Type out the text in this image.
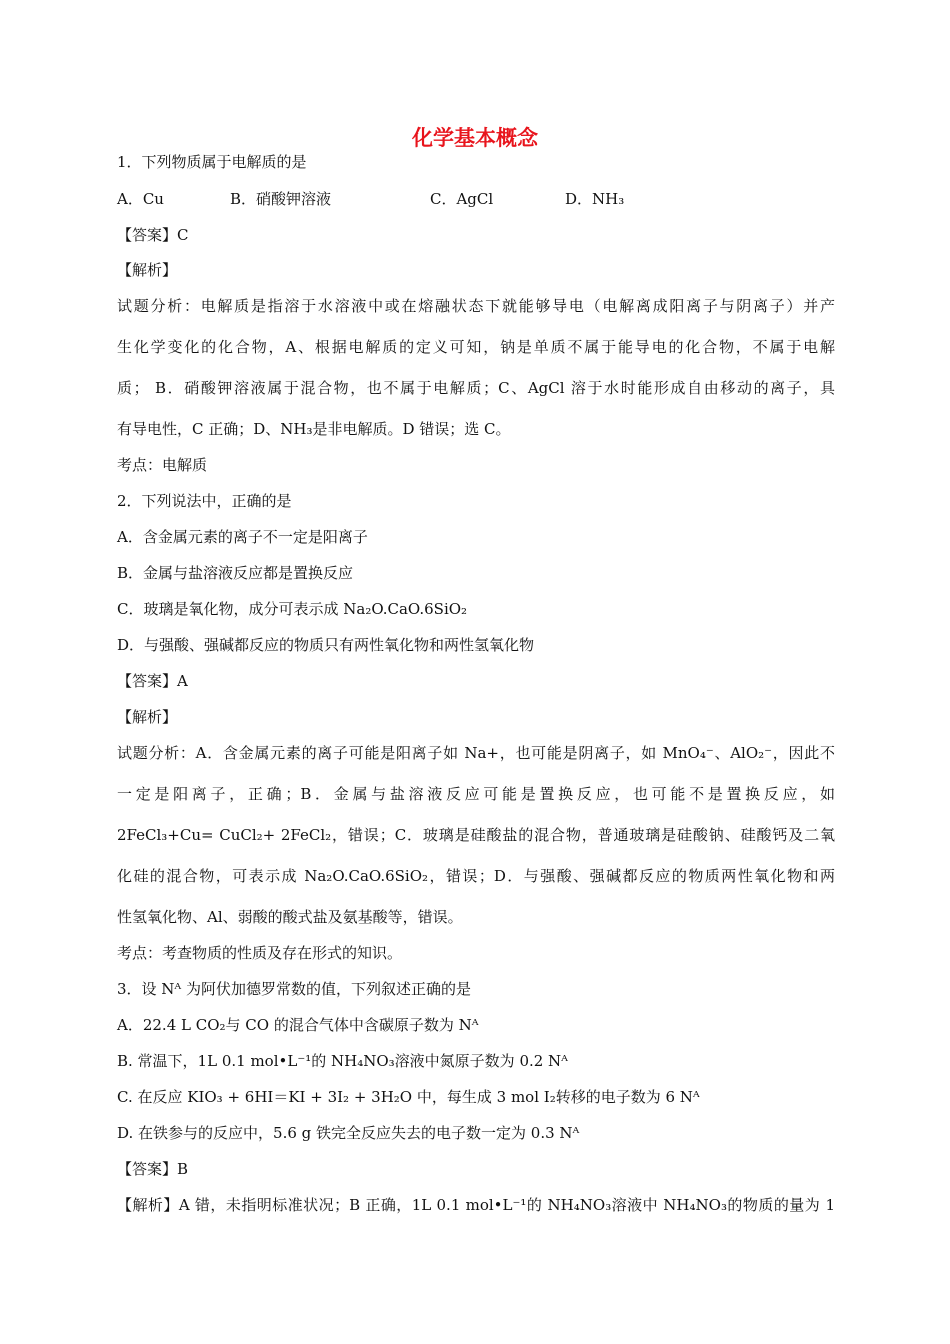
化学基本概念
1．下列物质属于电解质的是
A．Cu	B．硝酸钾溶液	C．AgCl	D．NH₃
【答案】C
【解析】
试题分析：电解质是指溶于水溶液中或在熔融状态下就能够导电（电解离成阳离子与阴离子）并产
生化学变化的化合物，A、根据电解质的定义可知，钠是单质不属于能导电的化合物，不属于电解
质； B．硝酸钾溶液属于混合物，也不属于电解质；C、AgCl 溶于水时能形成自由移动的离子，具
有导电性，C 正确；D、NH₃是非电解质。D 错误；选 C。
考点：电解质
2．下列说法中，正确的是
A．含金属元素的离子不一定是阳离子
B．金属与盐溶液反应都是置换反应
C．玻璃是氧化物，成分可表示成 Na₂O.CaO.6SiO₂
D．与强酸、强碱都反应的物质只有两性氧化物和两性氢氧化物
【答案】A
【解析】
试题分析：A．含金属元素的离子可能是阳离子如 Na+，也可能是阴离子，如 MnO₄⁻、AlO₂⁻，因此不
一定是阳离子，正确；B．金属与盐溶液反应可能是置换反应，也可能不是置换反应，如
2FeCl₃+Cu= CuCl₂+ 2FeCl₂，错误；C．玻璃是硅酸盐的混合物，普通玻璃是硅酸钠、硅酸钙及二氧
化硅的混合物，可表示成 Na₂O.CaO.6SiO₂，错误；D．与强酸、强碱都反应的物质两性氧化物和两
性氢氧化物、Al、弱酸的酸式盐及氨基酸等，错误。
考点：考查物质的性质及存在形式的知识。
3．设 Nᴬ 为阿伏加德罗常数的值，下列叙述正确的是
A．22.4 L CO₂与 CO 的混合气体中含碳原子数为 Nᴬ
B. 常温下，1L 0.1 mol•L⁻¹的 NH₄NO₃溶液中氮原子数为 0.2 Nᴬ
C. 在反应 KIO₃ + 6HI＝KI + 3I₂ + 3H₂O 中，每生成 3 mol I₂转移的电子数为 6 Nᴬ
D. 在铁参与的反应中，5.6 g 铁完全反应失去的电子数一定为 0.3 Nᴬ
【答案】B
【解析】A 错，未指明标准状况；B 正确，1L 0.1 mol•L⁻¹的 NH₄NO₃溶液中 NH₄NO₃的物质的量为 1
